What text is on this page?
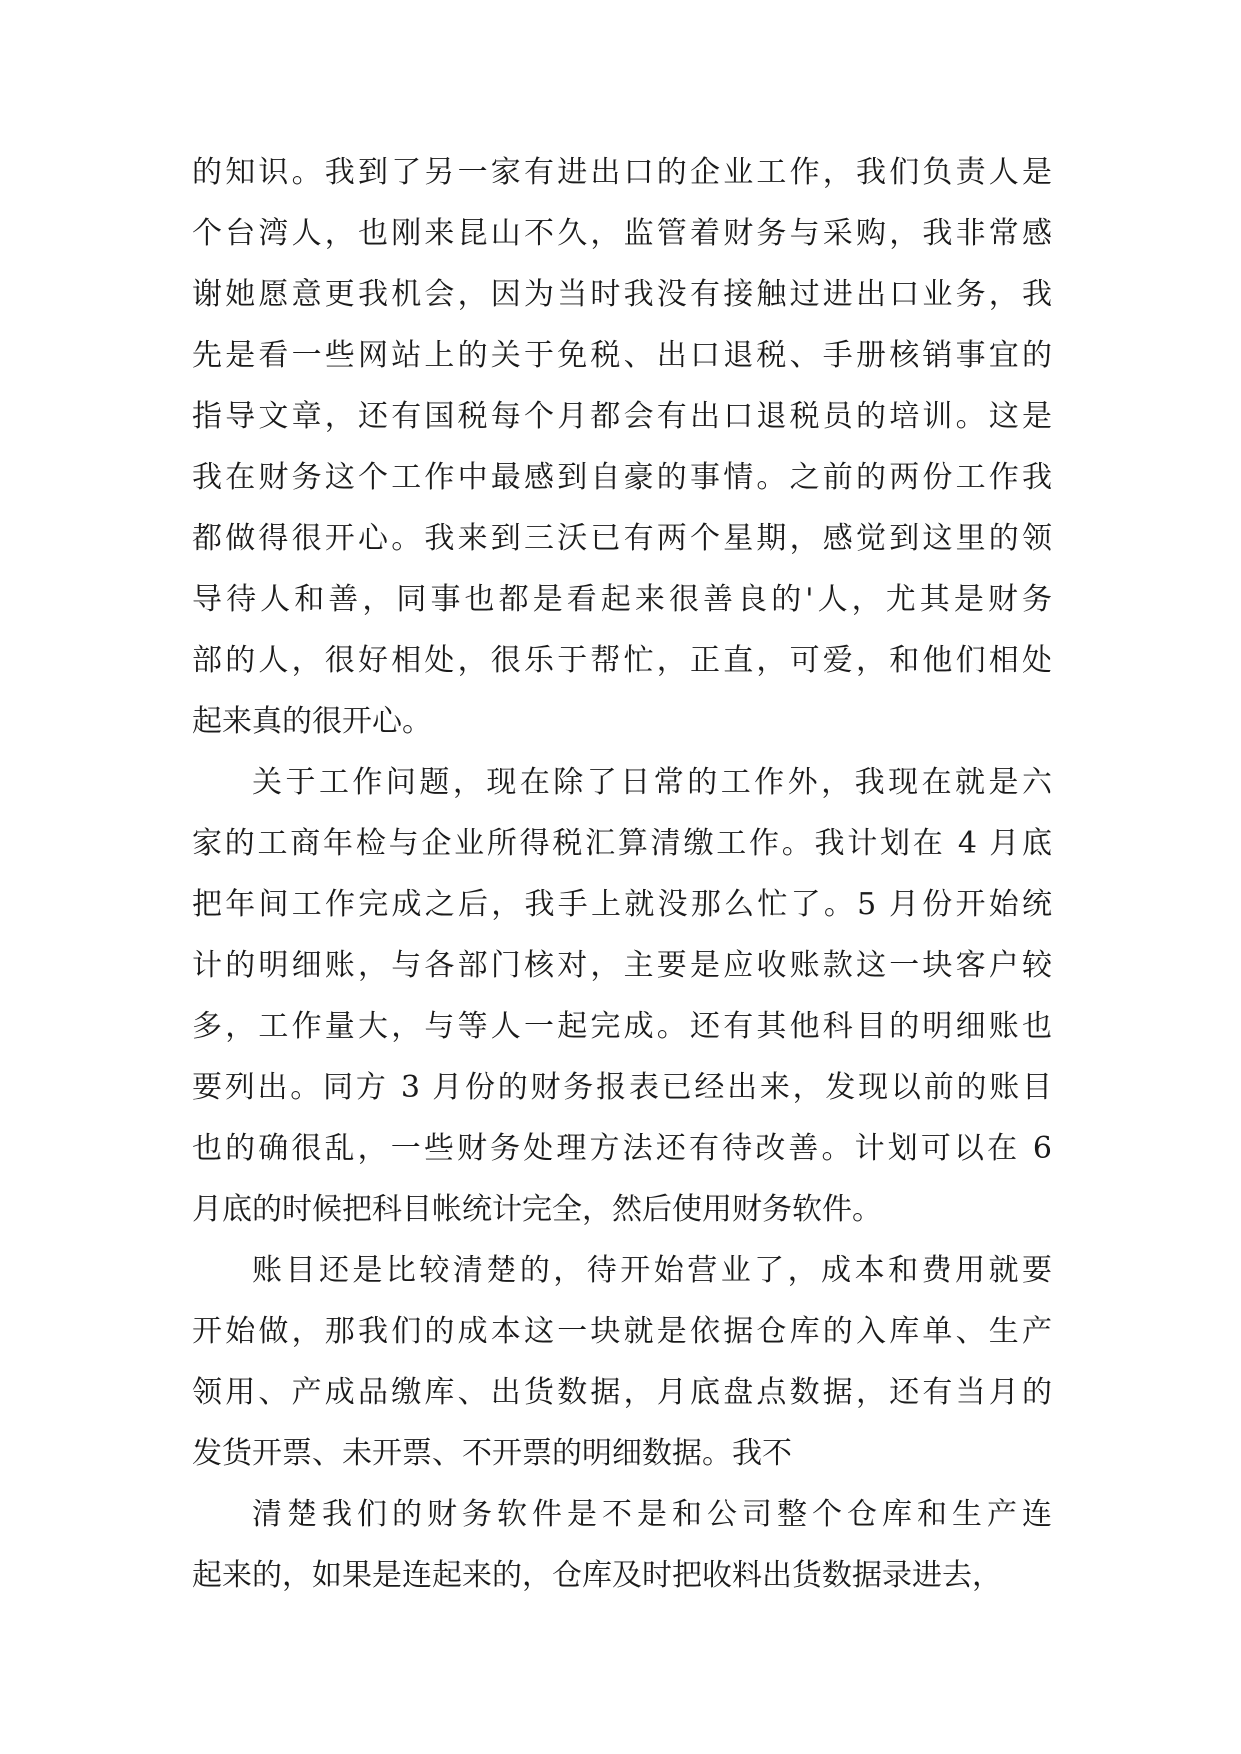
的知识。我到了另一家有进出口的企业工作，我们负责人是
个台湾人，也刚来昆山不久，监管着财务与采购，我非常感
谢她愿意更我机会，因为当时我没有接触过进出口业务，我
先是看一些网站上的关于免税、出口退税、手册核销事宜的
指导文章，还有国税每个月都会有出口退税员的培训。这是
我在财务这个工作中最感到自豪的事情。之前的两份工作我
都做得很开心。我来到三沃已有两个星期，感觉到这里的领
导待人和善，同事也都是看起来很善良的'人，尤其是财务
部的人，很好相处，很乐于帮忙，正直，可爱，和他们相处
起来真的很开心。
关于工作问题，现在除了日常的工作外，我现在就是六
家的工商年检与企业所得税汇算清缴工作。我计划在 4 月底
把年间工作完成之后，我手上就没那么忙了。5 月份开始统
计的明细账，与各部门核对，主要是应收账款这一块客户较
多，工作量大，与等人一起完成。还有其他科目的明细账也
要列出。同方 3 月份的财务报表已经出来，发现以前的账目
也的确很乱，一些财务处理方法还有待改善。计划可以在 6
月底的时候把科目帐统计完全，然后使用财务软件。
账目还是比较清楚的，待开始营业了，成本和费用就要
开始做，那我们的成本这一块就是依据仓库的入库单、生产
领用、产成品缴库、出货数据，月底盘点数据，还有当月的
发货开票、未开票、不开票的明细数据。我不
清楚我们的财务软件是不是和公司整个仓库和生产连
起来的，如果是连起来的，仓库及时把收料出货数据录进去，
